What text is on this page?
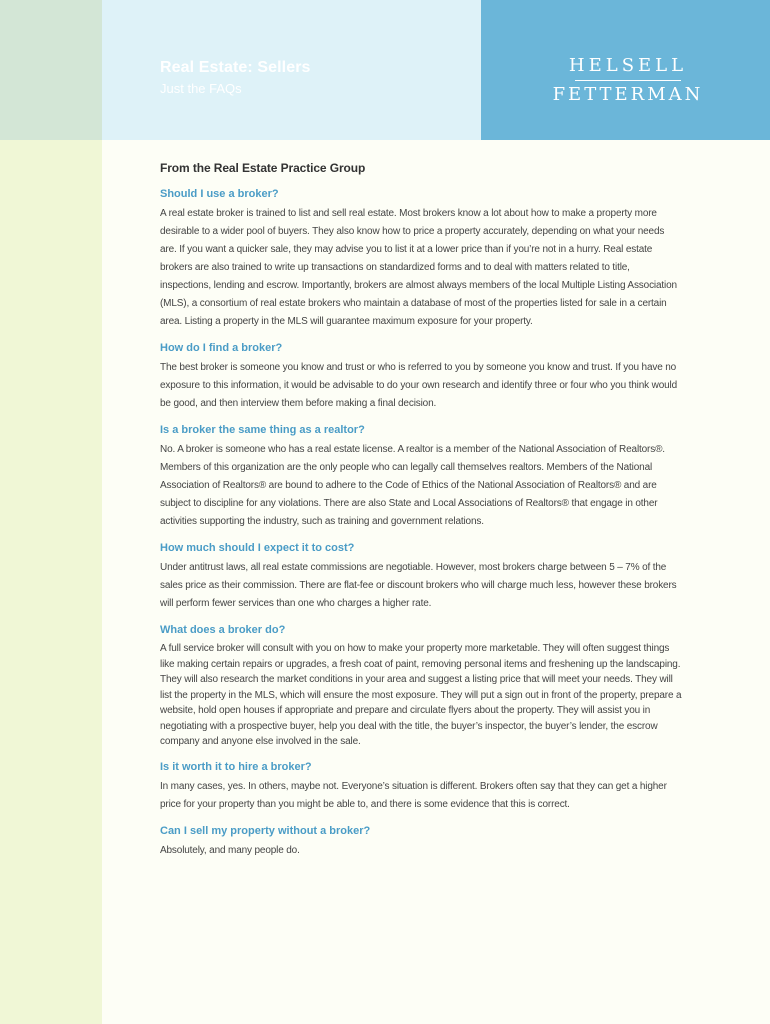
Real Estate: Sellers
Just the FAQs
HELSELL
FETTERMAN
From the Real Estate Practice Group
Should I use a broker?
A real estate broker is trained to list and sell real estate. Most brokers know a lot about how to make a property more desirable to a wider pool of buyers. They also know how to price a property accurately, depending on what your needs are. If you want a quicker sale, they may advise you to list it at a lower price than if you’re not in a hurry. Real estate brokers are also trained to write up transactions on standardized forms and to deal with matters related to title, inspections, lending and escrow. Importantly, brokers are almost always members of the local Multiple Listing Association (MLS), a consortium of real estate brokers who maintain a database of most of the properties listed for sale in a certain area. Listing a property in the MLS will guarantee maximum exposure for your property.
How do I find a broker?
The best broker is someone you know and trust or who is referred to you by someone you know and trust. If you have no exposure to this information, it would be advisable to do your own research and identify three or four who you think would be good, and then interview them before making a final decision.
Is a broker the same thing as a realtor?
No. A broker is someone who has a real estate license. A realtor is a member of the National Association of Realtors®. Members of this organization are the only people who can legally call themselves realtors. Members of the National Association of Realtors® are bound to adhere to the Code of Ethics of the National Association of Realtors® and are subject to discipline for any violations. There are also State and Local Associations of Realtors® that engage in other activities supporting the industry, such as training and government relations.
How much should I expect it to cost?
Under antitrust laws, all real estate commissions are negotiable. However, most brokers charge between 5 – 7% of the sales price as their commission. There are flat-fee or discount brokers who will charge much less, however these brokers will perform fewer services than one who charges a higher rate.
What does a broker do?
A full service broker will consult with you on how to make your property more marketable. They will often suggest things like making certain repairs or upgrades, a fresh coat of paint, removing personal items and freshening up the landscaping. They will also research the market conditions in your area and suggest a listing price that will meet your needs. They will list the property in the MLS, which will ensure the most exposure. They will put a sign out in front of the property, prepare a website, hold open houses if appropriate and prepare and circulate flyers about the property. They will assist you in negotiating with a prospective buyer, help you deal with the title, the buyer’s inspector, the buyer’s lender, the escrow company and anyone else involved in the sale.
Is it worth it to hire a broker?
In many cases, yes. In others, maybe not. Everyone’s situation is different. Brokers often say that they can get a higher price for your property than you might be able to, and there is some evidence that this is correct.
Can I sell my property without a broker?
Absolutely, and many people do.
